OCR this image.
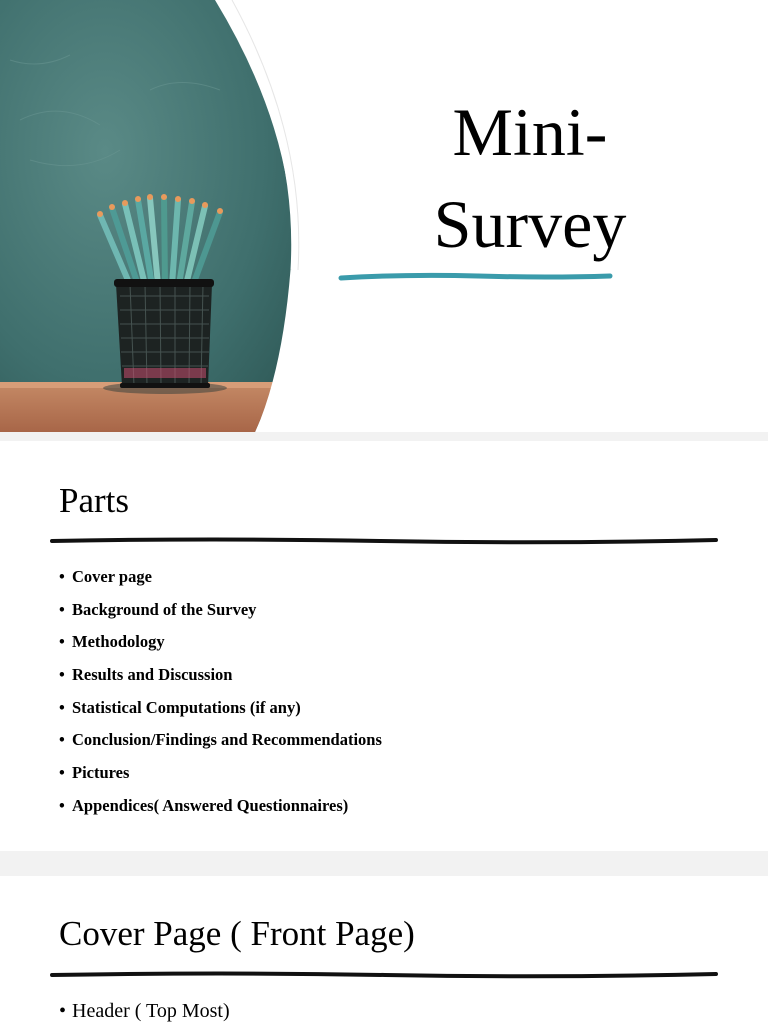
Mini-
Survey
Parts
• Cover page
• Background of the Survey
• Methodology
• Results and Discussion
• Statistical Computations (if any)
• Conclusion/Findings and Recommendations
• Pictures
• Appendices( Answered Questionnaires)
Cover Page ( Front Page)
• Header ( Top Most)
